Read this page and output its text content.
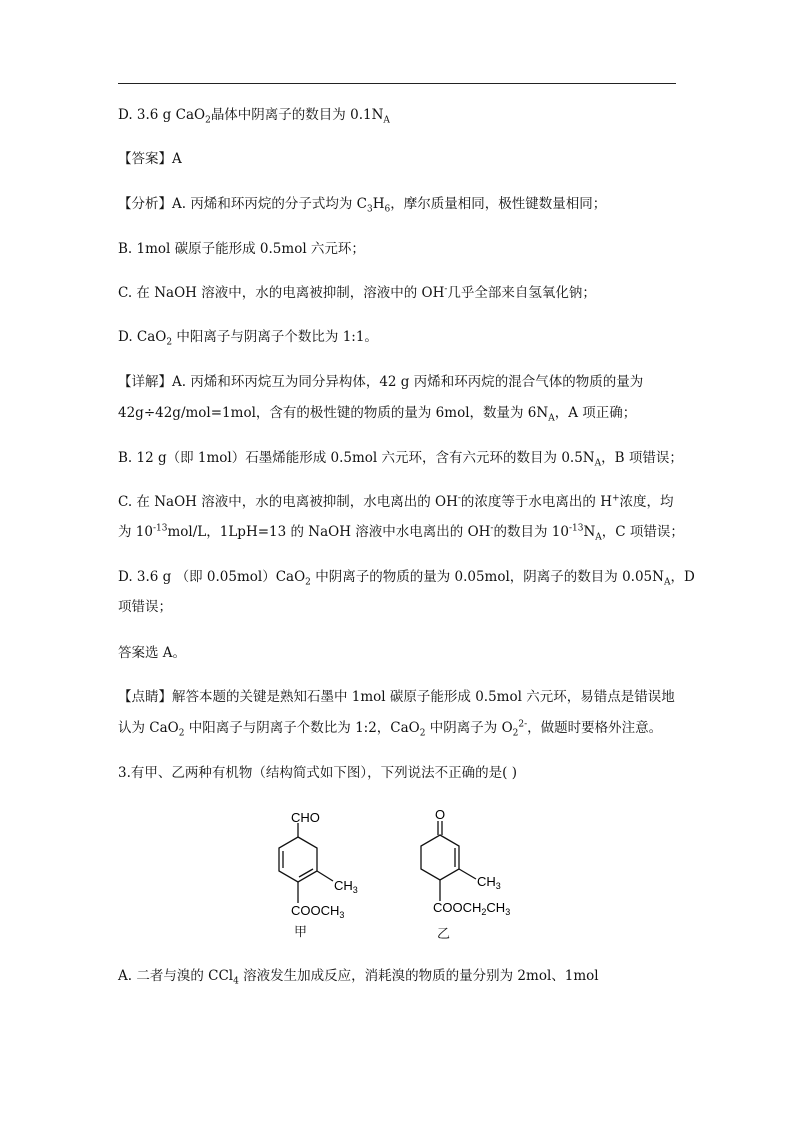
D. 3.6 g CaO$_2$晶体中阴离子的数目为 $0.1N_A$
【答案】A
【分析】A. 丙烯和环丙烷的分子式均为 $C_3H_6$，摩尔质量相同，极性键数量相同；
B. 1mol 碳原子能形成 0.5mol 六元环；
C. 在 NaOH 溶液中，水的电离被抑制，溶液中的 OH-几乎全部来自氢氧化钠；
D. CaO$_2$ 中阳离子与阴离子个数比为 1:1。
【详解】A. 丙烯和环丙烷互为同分异构体，42 g 丙烯和环丙烷的混合气体的物质的量为
42g÷42g/mol=1mol，含有的极性键的物质的量为 6mol，数量为 $6N_A$，A 项正确；
B. 12 g（即 1mol）石墨烯能形成 0.5mol 六元环，含有六元环的数目为 $0.5N_A$，B 项错误；
C. 在 NaOH 溶液中，水的电离被抑制，水电离出的 OH-的浓度等于水电离出的 H+浓度，均
为 $10^{-13}mol/L$，1LpH=13 的 NaOH 溶液中水电离出的 OH-的数目为 $10^{-13}N_A$，C 项错误；
D. 3.6 g （即 0.05mol）CaO$_2$ 中阴离子的物质的量为 0.05mol，阴离子的数目为 $0.05N_A$，D
项错误；
答案选 A。
【点睛】解答本题的关键是熟知石墨中 1mol 碳原子能形成 0.5mol 六元环，易错点是错误地
认为 CaO$_2$ 中阳离子与阴离子个数比为 1:2，CaO$_2$ 中阴离子为 $O_2^{2-}$，做题时要格外注意。
3.有甲、乙两种有机物（结构简式如下图），下列说法不正确的是( )
CHO
$CH_3$
$COOCH_3$
O
$CH_3$
$COOCH_2CH_3$
甲	乙
A. 二者与溴的 CCl$_4$ 溶液发生加成反应，消耗溴的物质的量分别为 2mol、1mol
